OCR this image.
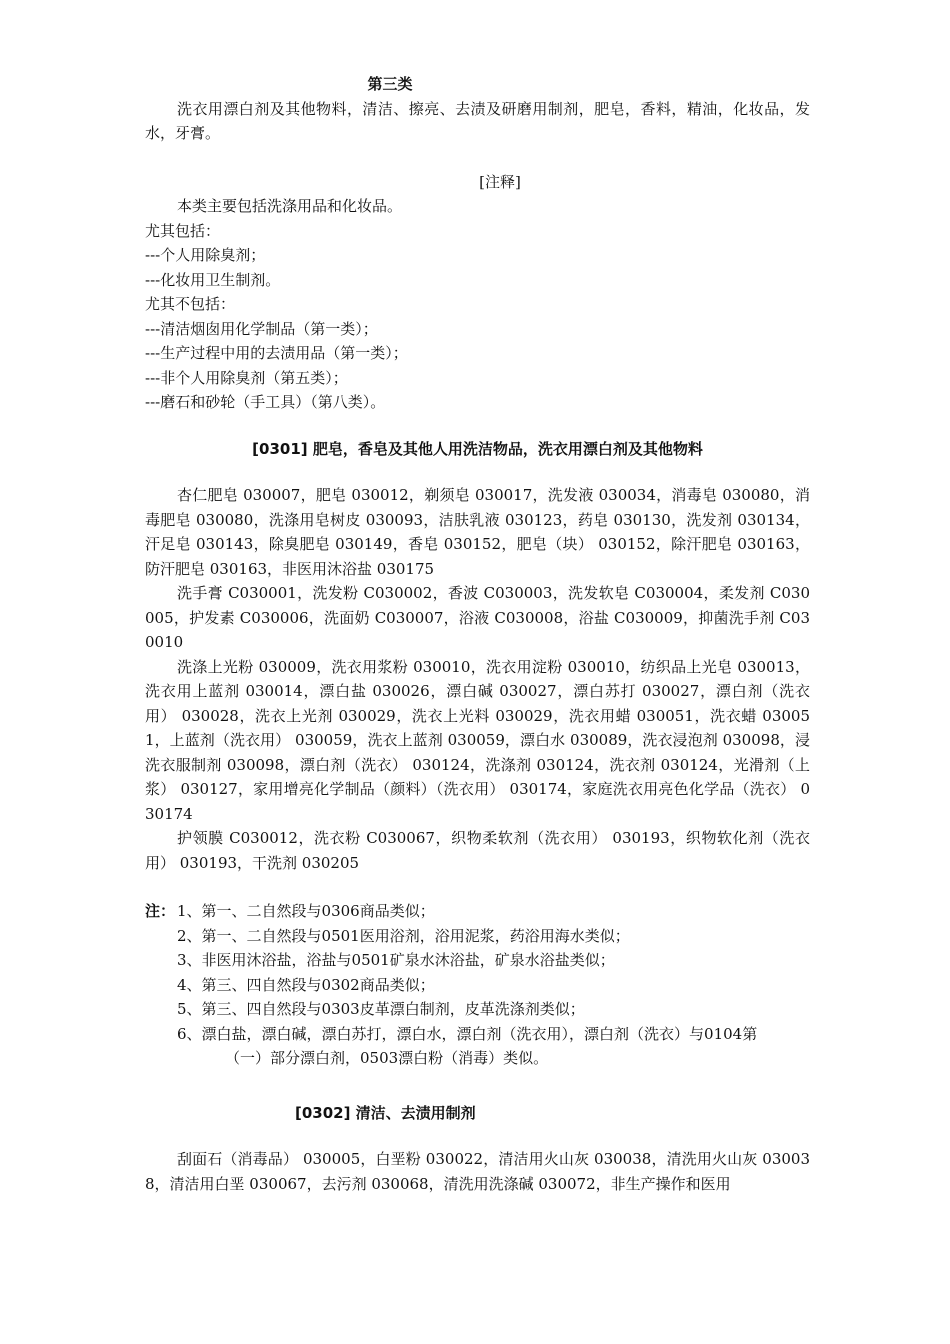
第三类
洗衣用漂白剂及其他物料，清洁、擦亮、去渍及研磨用制剂，肥皂，香料，精油，化妆品，发水，牙膏。
[注释]
本类主要包括洗涤用品和化妆品。
尤其包括：
---个人用除臭剂；
---化妆用卫生制剂。
尤其不包括：
---清洁烟囱用化学制品（第一类）；
---生产过程中用的去渍用品（第一类）；
---非个人用除臭剂（第五类）；
---磨石和砂轮（手工具）（第八类）。
[0301] 肥皂，香皂及其他人用洗洁物品，洗衣用漂白剂及其他物料
杏仁肥皂 030007，肥皂 030012，剃须皂 030017，洗发液 030034，消毒皂 030080，消毒肥皂 030080，洗涤用皂树皮 030093，洁肤乳液 030123，药皂 030130，洗发剂 030134，汗足皂 030143，除臭肥皂 030149，香皂 030152，肥皂（块） 030152，除汗肥皂 030163，防汗肥皂 030163，非医用沐浴盐 030175
洗手膏 C030001，洗发粉 C030002，香波 C030003，洗发软皂 C030004，柔发剂 C030005，护发素 C030006，洗面奶 C030007，浴液 C030008，浴盐 C030009，抑菌洗手剂 C030010
洗涤上光粉 030009，洗衣用浆粉 030010，洗衣用淀粉 030010，纺织品上光皂 030013，洗衣用上蓝剂 030014，漂白盐 030026，漂白碱 030027，漂白苏打 030027，漂白剂（洗衣用） 030028，洗衣上光剂 030029，洗衣上光料 030029，洗衣用蜡 030051，洗衣蜡 030051，上蓝剂（洗衣用） 030059，洗衣上蓝剂 030059，漂白水 030089，洗衣浸泡剂 030098，浸洗衣服制剂 030098，漂白剂（洗衣） 030124，洗涤剂 030124，洗衣剂 030124，光滑剂（上浆） 030127，家用增亮化学制品（颜料）（洗衣用） 030174，家庭洗衣用亮色化学品（洗衣） 030174
护领膜 C030012，洗衣粉 C030067，织物柔软剂（洗衣用） 030193，织物软化剂（洗衣用） 030193，干洗剂 030205
注： 1、第一、二自然段与0306商品类似；
2、第一、二自然段与0501医用浴剂，浴用泥浆，药浴用海水类似；
3、非医用沐浴盐，浴盐与0501矿泉水沐浴盐，矿泉水浴盐类似；
4、第三、四自然段与0302商品类似；
5、第三、四自然段与0303皮革漂白制剂，皮革洗涤剂类似；
6、漂白盐，漂白碱，漂白苏打，漂白水，漂白剂（洗衣用），漂白剂（洗衣）与0104第
（一）部分漂白剂，0503漂白粉（消毒）类似。
[0302] 清洁、去渍用制剂
刮面石（消毒品） 030005，白垩粉 030022，清洁用火山灰 030038，清洗用火山灰 030038，清洁用白垩 030067，去污剂 030068，清洗用洗涤碱 030072，非生产操作和医用
